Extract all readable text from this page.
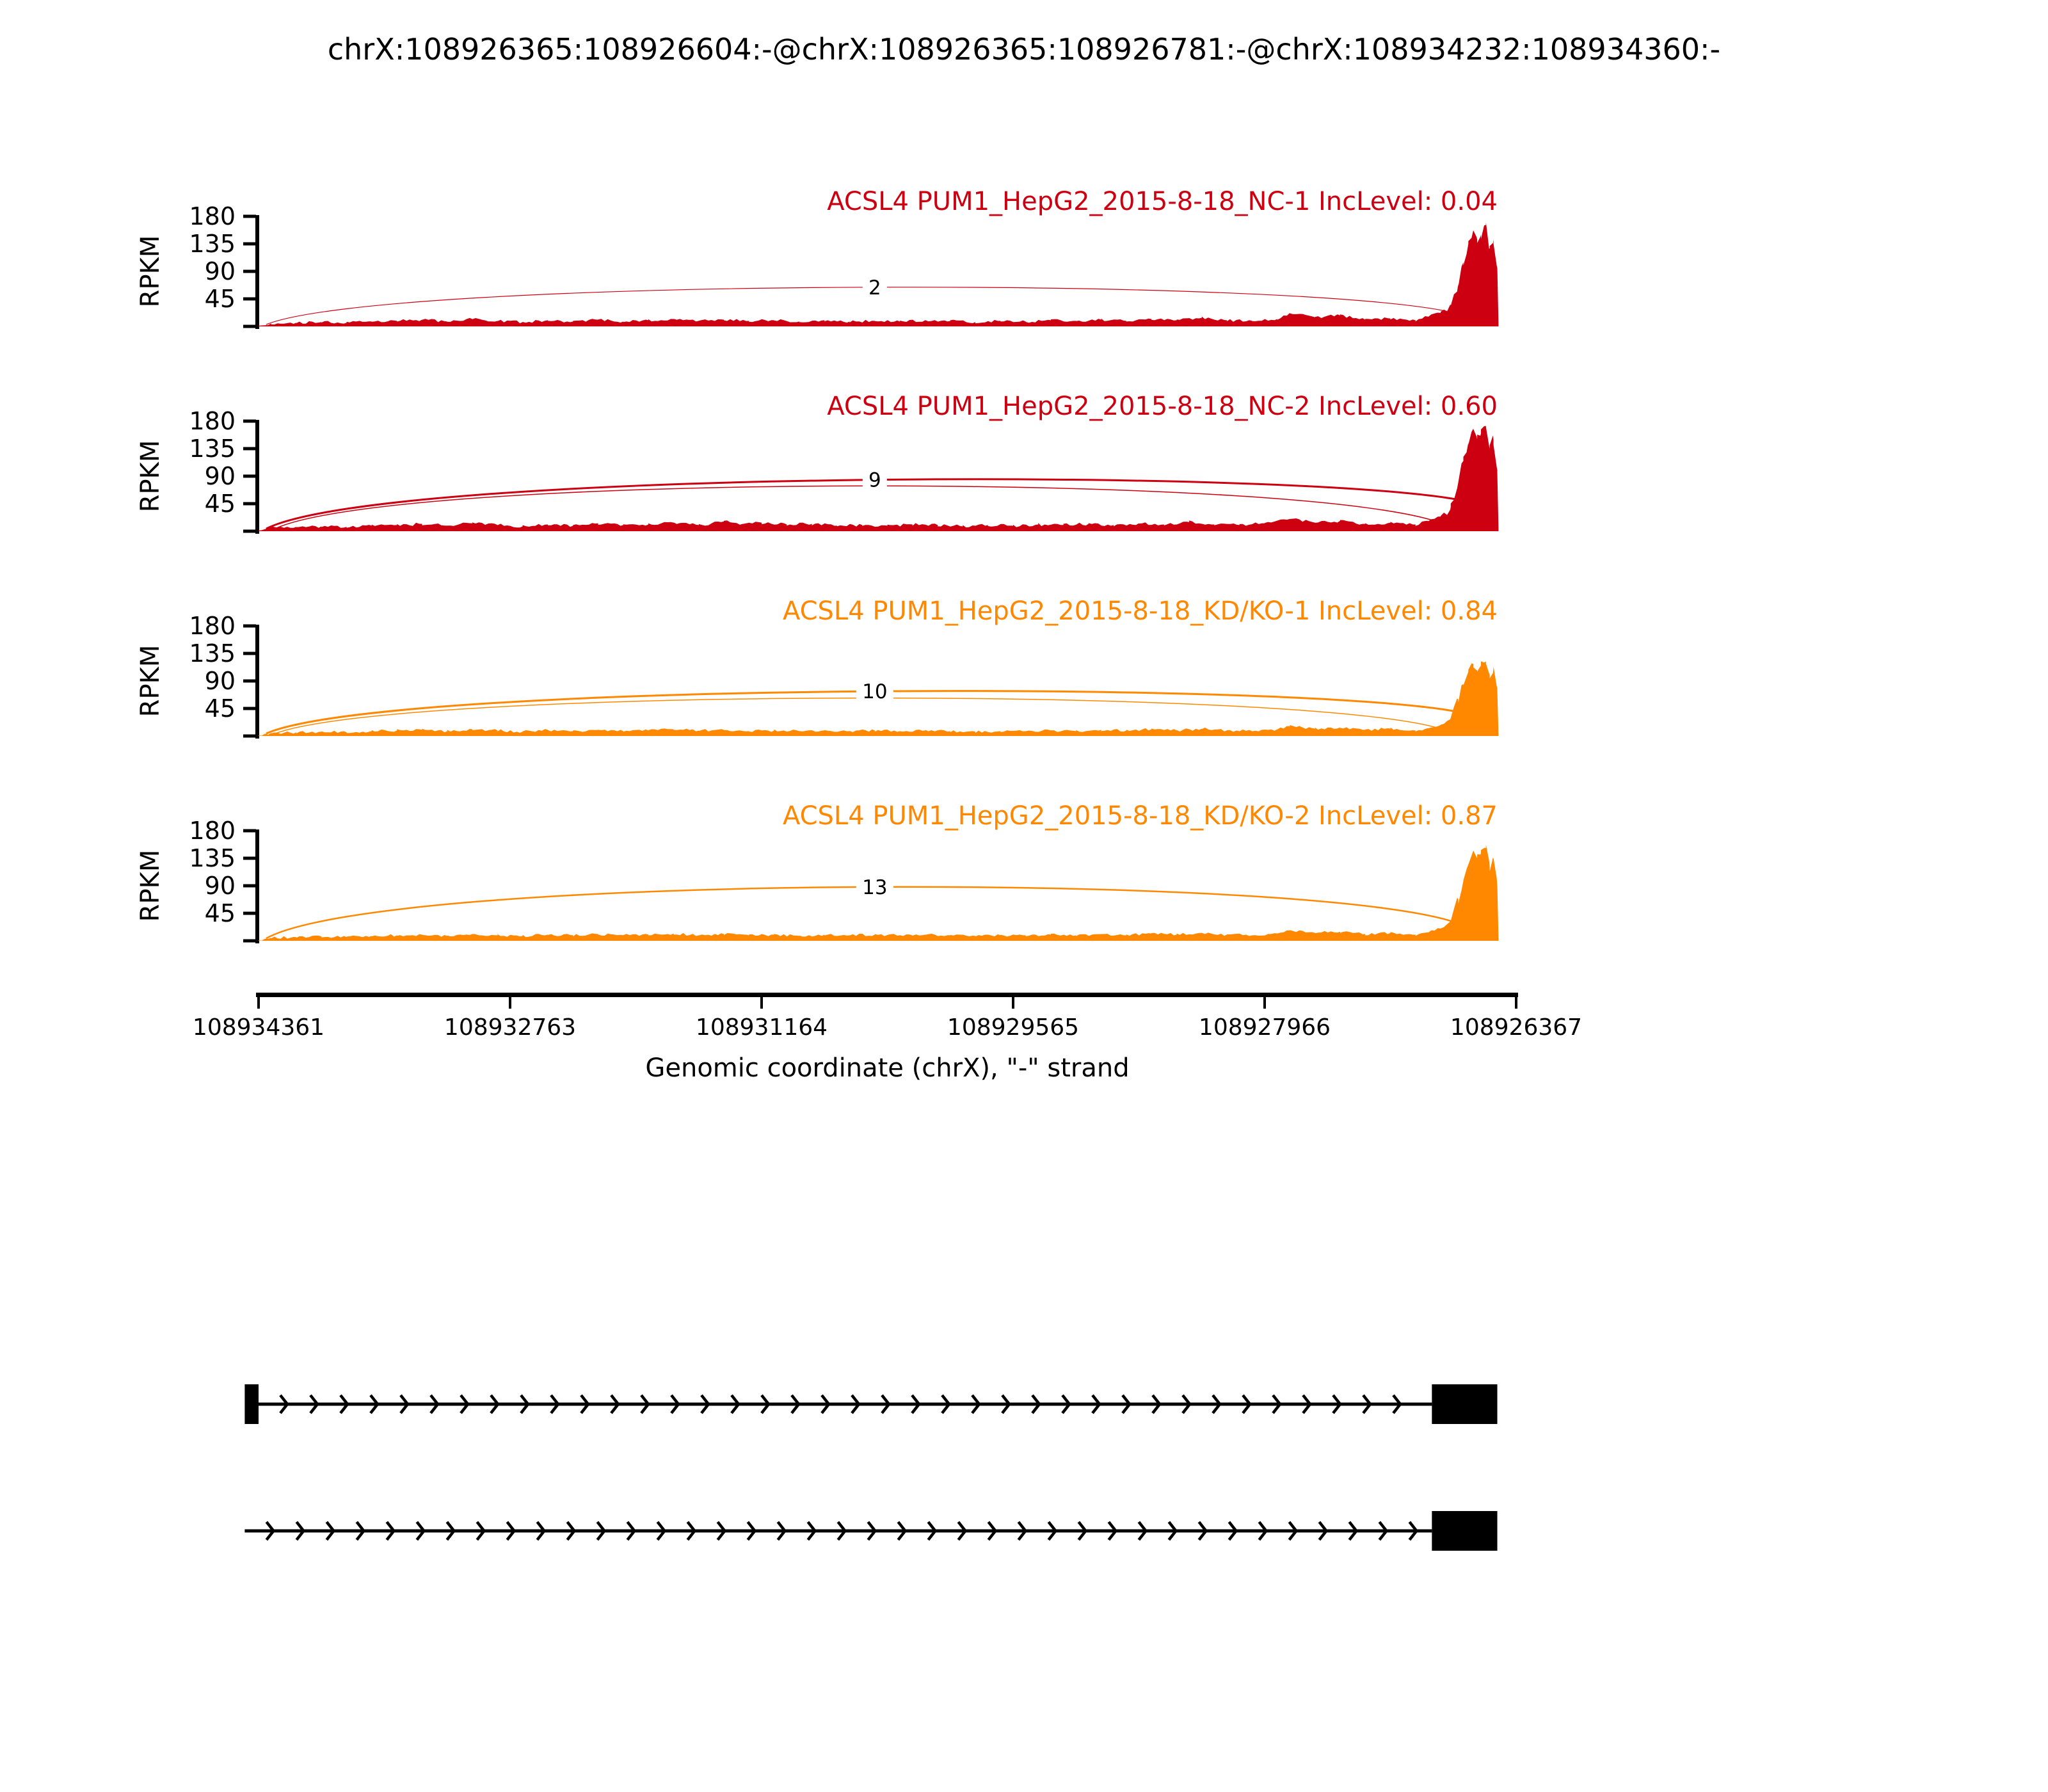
chrX:108926365:108926604:-@chrX:108926365:108926781:-@chrX:108934232:108934360:-
ACSL4 PUM1_HepG2_2015-8-18_NC-1 IncLevel: 0.04
RPKM	45
90
135
180
2
ACSL4 PUM1_HepG2_2015-8-18_NC-2 IncLevel: 0.60
RPKM	45
90
135
180
9
ACSL4 PUM1_HepG2_2015-8-18_KD/KO-1 IncLevel: 0.84
RPKM	45
90
135
180
10
ACSL4 PUM1_HepG2_2015-8-18_KD/KO-2 IncLevel: 0.87
RPKM	45
90
135
180
13
108934361	108932763	108931164	108929565	108927966	108926367
Genomic coordinate (chrX), "-" strand
